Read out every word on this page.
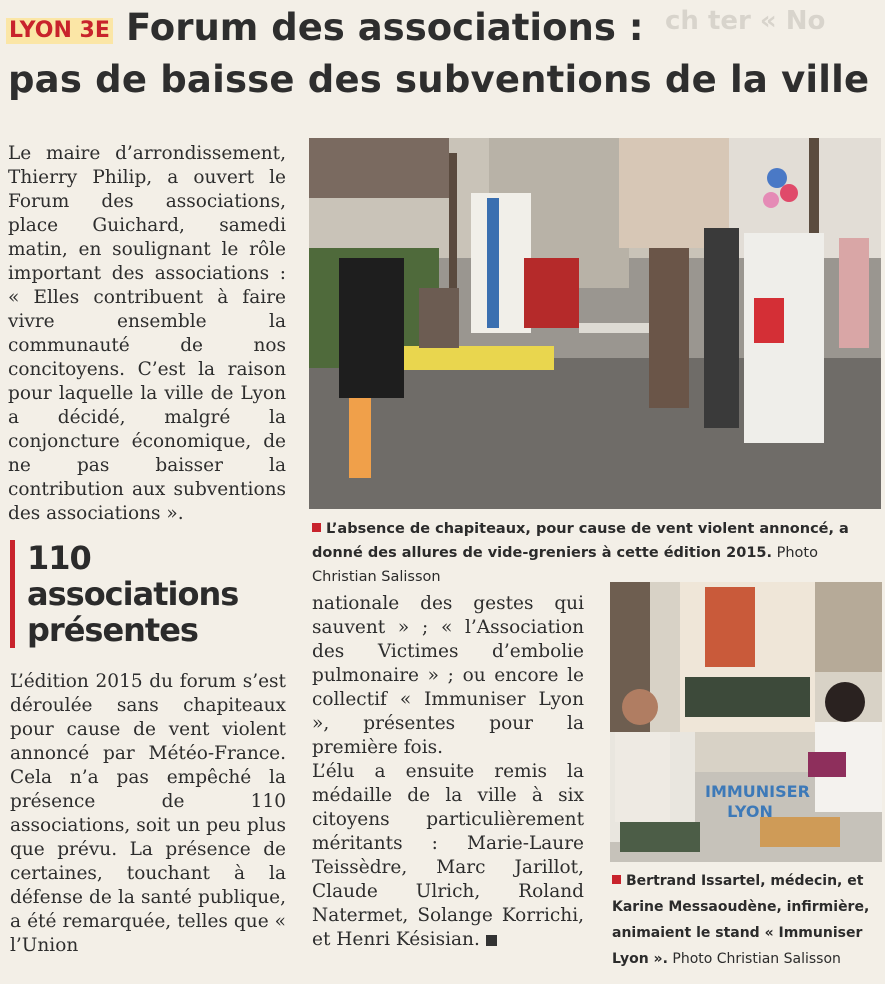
ch ter « No
Forum des associations :
pas de baisse des subventions de la ville
LYON 3E

Le maire d’arrondissement, Thierry Philip, a ouvert le Forum des associations, place Guichard, samedi matin, en soulignant le rôle important des associations : « Elles contribuent à faire vivre ensemble la communauté de nos concitoyens. C’est la raison pour laquelle la ville de Lyon a décidé, malgré la conjoncture économique, de ne pas baisser la contribution aux subventions des associations ».

110 associations présentes

L’édition 2015 du forum s’est déroulée sans chapiteaux pour cause de vent violent annoncé par Météo-France. Cela n’a pas empêché la présence de 110 associations, soit un peu plus que prévu. La présence de certaines, touchant à la défense de la santé publique, a été remarquée, telles que « l’Union

nationale des gestes qui sauvent » ; « l’Association des Victimes d’embolie pulmonaire » ; ou encore le collectif « Immuniser Lyon », présentes pour la première fois.

L’élu a ensuite remis la médaille de la ville à six citoyens particulièrement méritants : Marie-Laure Teissèdre, Marc Jarillot, Claude Ulrich, Roland Natermet, Solange Korrichi, et Henri Késisian.

L’absence de chapiteaux, pour cause de vent violent annoncé, a donné des allures de vide-greniers à cette édition 2015. Photo Christian Salisson
IMMUNISER LYON
Bertrand Issartel, médecin, et Karine Messaoudène, infirmière, animaient le stand « Immuniser Lyon ». Photo Christian Salisson
